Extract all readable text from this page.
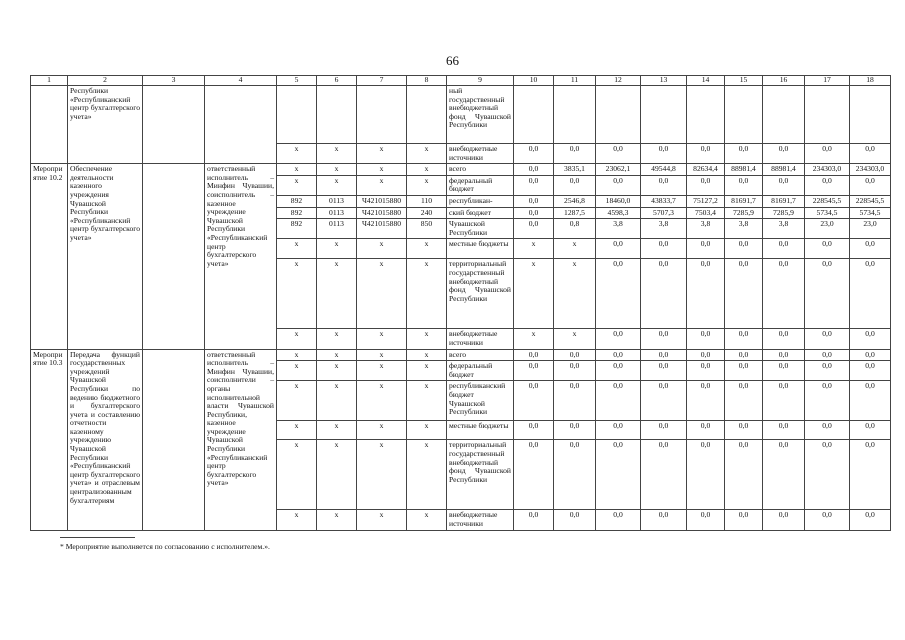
66
1	2	3	4	5	6	7	8	9	10	11	12	13	14	15	16	17	18
	Республики «Республиканский центр бухгалтерского учета»							ный государственный внебюджетный фонд Чувашской Республики									
				x	x	x	x	внебюджетные источники	0,0	0,0	0,0	0,0	0,0	0,0	0,0	0,0	0,0
Мероприятие 10.2	Обеспечение деятельности казенного учреждения Чувашской Республики «Республиканский центр бухгалтерского учета»		ответственный исполнитель – Минфин Чувашии, соисполнитель – казенное учреждение Чувашской Республики «Республиканский центр бухгалтерского учета»	x	x	x	x	всего	0,0	3835,1	23062,1	49544,8	82634,4	88981,4	88981,4	234303,0	234303,0
				x	x	x	x	федеральный бюджет	0,0	0,0	0,0	0,0	0,0	0,0	0,0	0,0	0,0
				892	0113	Ч421015880	110	республикан-	0,0	2546,8	18460,0	43833,7	75127,2	81691,7	81691,7	228545,5	228545,5
				892	0113	Ч421015880	240	ский бюджет	0,0	1287,5	4598,3	5707,3	7503,4	7285,9	7285,9	5734,5	5734,5
				892	0113	Ч421015880	850	Чувашской Республики	0,0	0,8	3,8	3,8	3,8	3,8	3,8	23,0	23,0
				x	x	x	x	местные бюджеты	x	x	0,0	0,0	0,0	0,0	0,0	0,0	0,0
				x	x	x	x	территориальный государственный внебюджетный фонд Чувашской Республики	x	x	0,0	0,0	0,0	0,0	0,0	0,0	0,0
				x	x	x	x	внебюджетные источники	x	x	0,0	0,0	0,0	0,0	0,0	0,0	0,0
Мероприятие 10.3	Передача функций государственных учреждений Чувашской Республики по ведению бюджетного и бухгалтерского учета и составлению отчетности казенному учреждению Чувашской Республики «Республиканский центр бухгалтерского учета» и отраслевым централизованным бухгалтериям		ответственный исполнитель – Минфин Чувашии, соисполнители – органы исполнительной власти Чувашской Республики, казенное учреждение Чувашской Республики «Республиканский центр бухгалтерского учета»	x	x	x	x	всего	0,0	0,0	0,0	0,0	0,0	0,0	0,0	0,0	0,0
				x	x	x	x	федеральный бюджет	0,0	0,0	0,0	0,0	0,0	0,0	0,0	0,0	0,0
				x	x	x	x	республиканский бюджет Чувашской Республики	0,0	0,0	0,0	0,0	0,0	0,0	0,0	0,0	0,0
				x	x	x	x	местные бюджеты	0,0	0,0	0,0	0,0	0,0	0,0	0,0	0,0	0,0
				x	x	x	x	территориальный государственный внебюджетный фонд Чувашской Республики	0,0	0,0	0,0	0,0	0,0	0,0	0,0	0,0	0,0
				x	x	x	x	внебюджетные источники	0,0	0,0	0,0	0,0	0,0	0,0	0,0	0,0	0,0
* Мероприятие выполняется по согласованию с исполнителем.».
